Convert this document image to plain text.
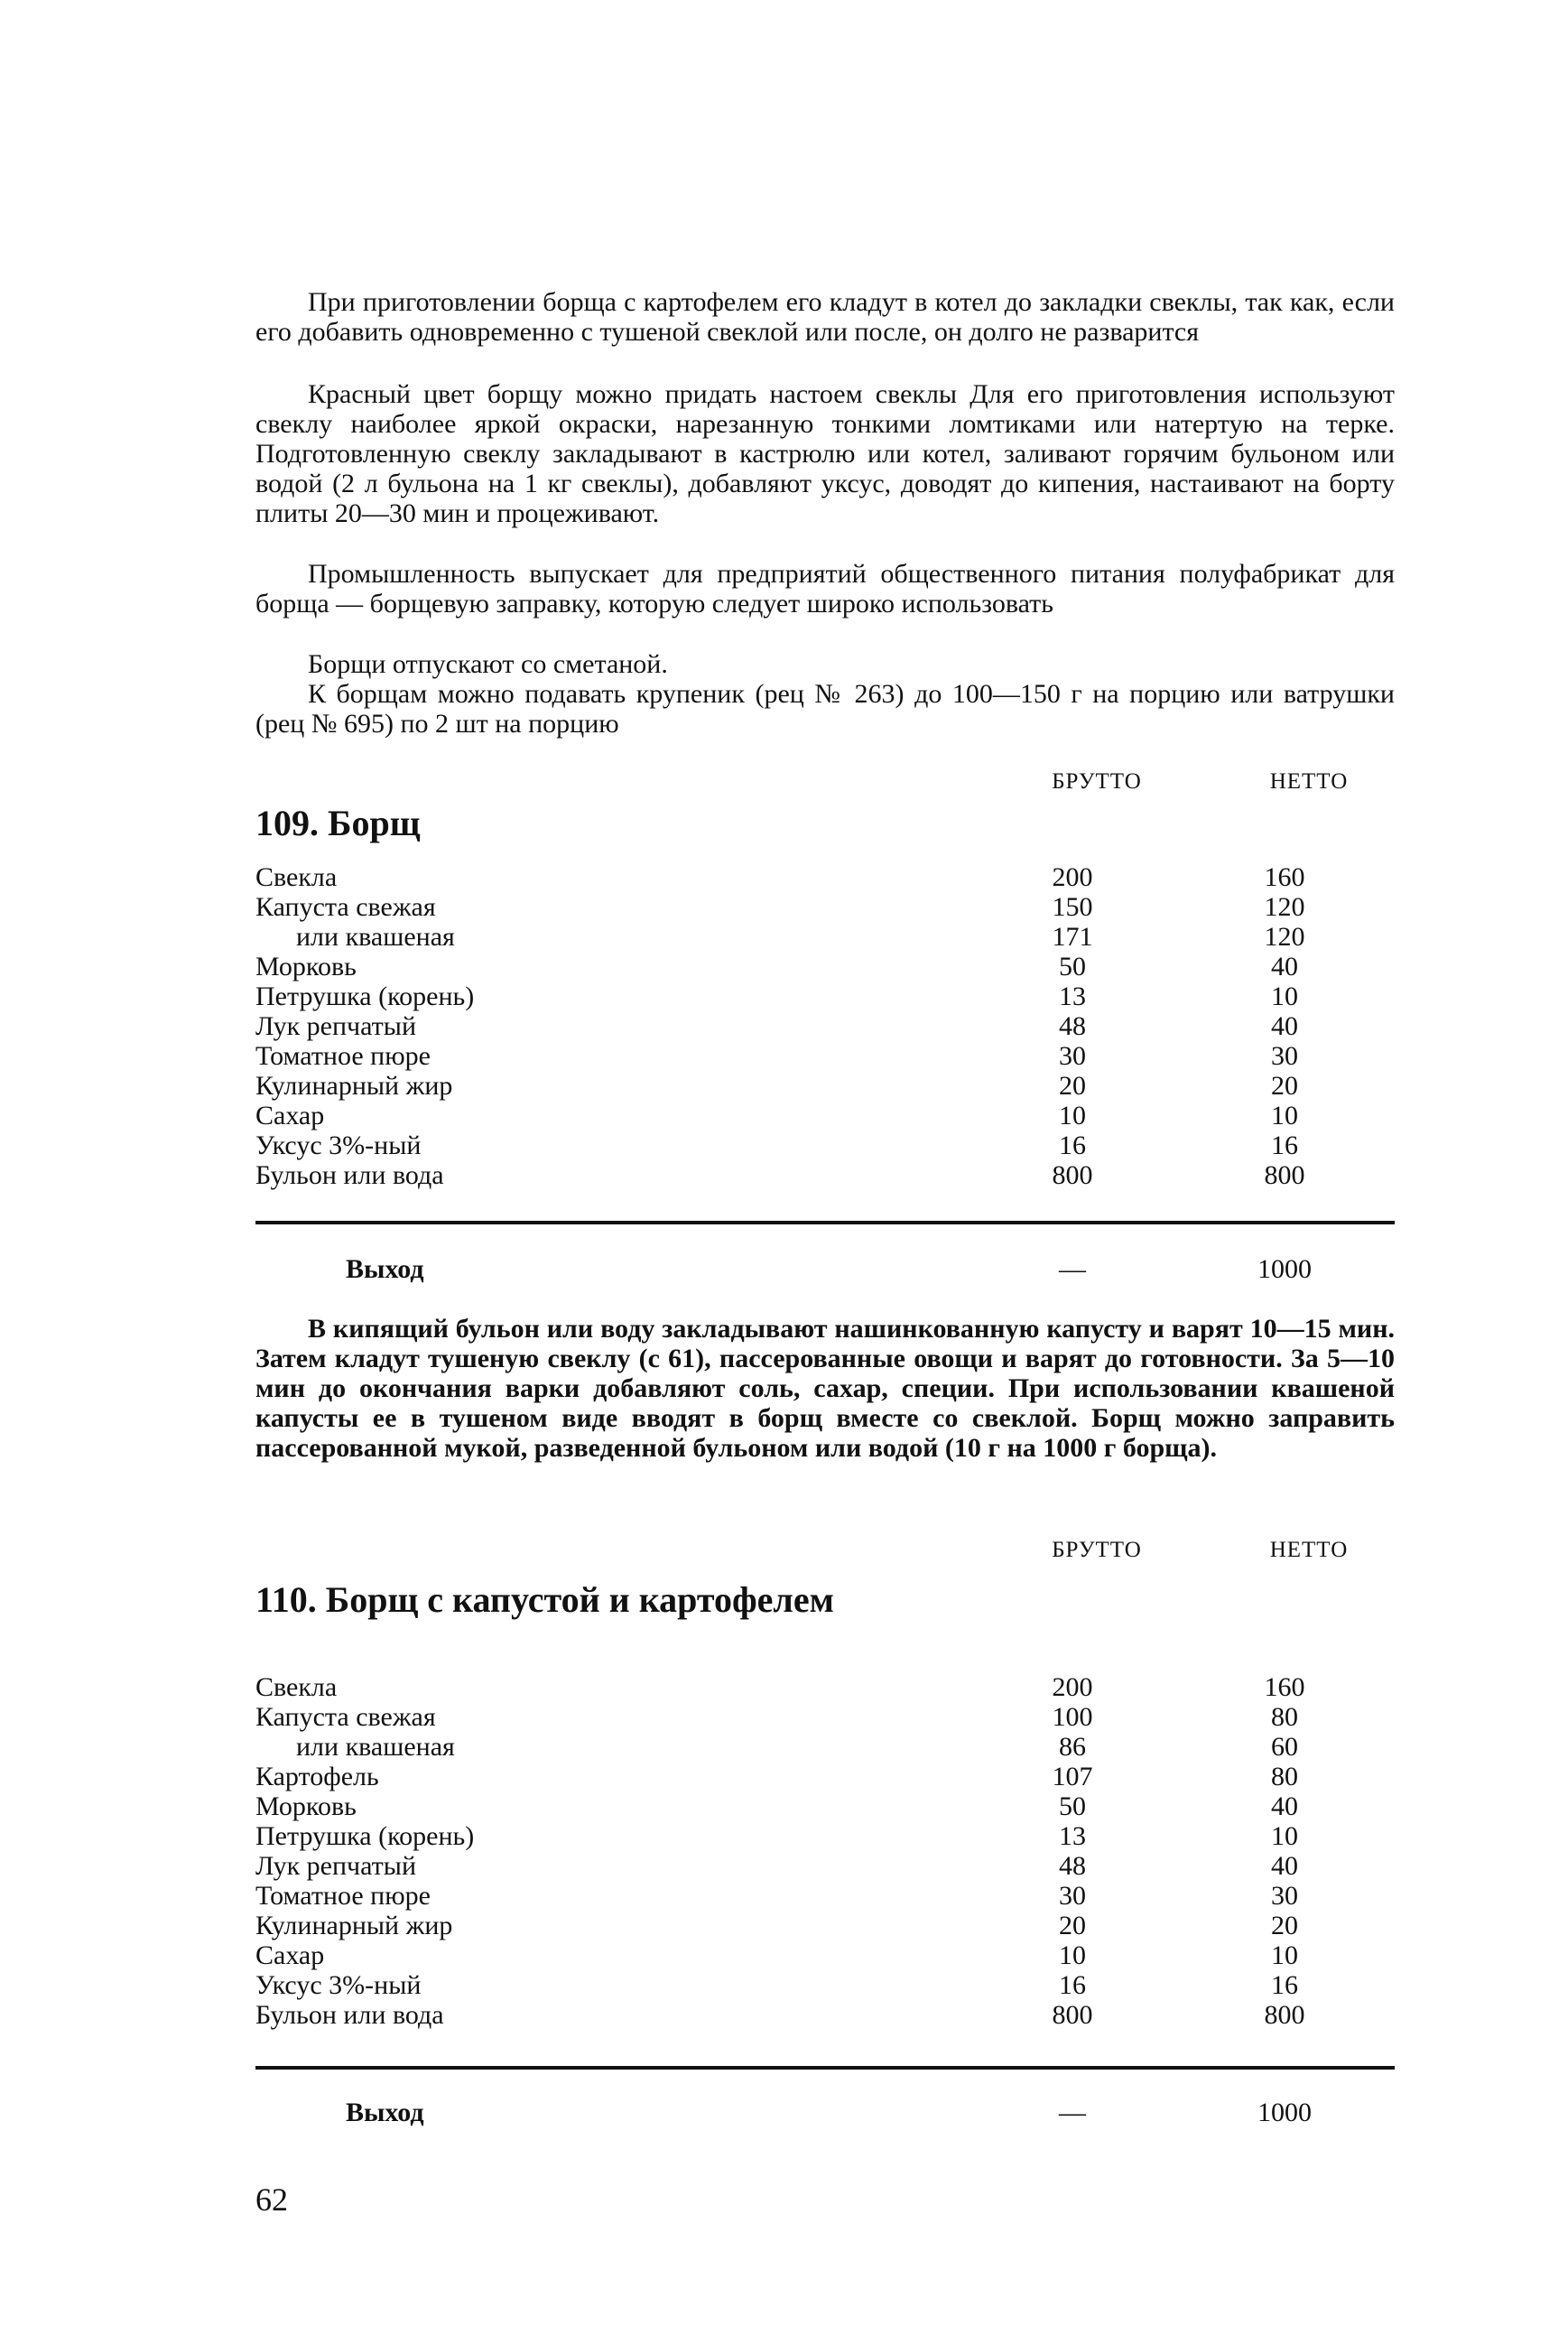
При приготовлении борща с картофелем его кладут в котел до закладки свеклы, так как, если его добавить одновременно с тушеной свеклой или после, он долго не разварится

Красный цвет борщу можно придать настоем свеклы Для его приготовления используют свеклу наиболее яркой окраски, нарезанную тонкими ломтиками или натертую на терке. Подготовленную свеклу закладывают в кастрюлю или котел, заливают горячим бульоном или водой (2 л бульона на 1 кг свеклы), добавляют уксус, доводят до кипения, настаивают на борту плиты 20—30 мин и процеживают.

Промышленность выпускает для предприятий общественного питания полуфабрикат для борща — борщевую заправку, которую следует широко использовать

Борщи отпускают со сметаной.

К борщам можно подавать крупеник (рец № 263) до 100—150 г на порцию или ватрушки (рец № 695) по 2 шт на порцию

БРУТТО	НЕТТО
109. Борщ
Свекла	200	160
Капуста свежая	150	120
или квашеная	171	120
Морковь	50	40
Петрушка (корень)	13	10
Лук репчатый	48	40
Томатное пюре	30	30
Кулинарный жир	20	20
Сахар	10	10
Уксус 3%-ный	16	16
Бульон или вода	800	800
Выход	—	1000

В кипящий бульон или воду закладывают нашинкованную капусту и варят 10—15 мин. Затем кладут тушеную свеклу (с 61), пассерованные овощи и варят до готовности. За 5—10 мин до окончания варки добавляют соль, сахар, специи. При использовании квашеной капусты ее в тушеном виде вводят в борщ вместе со свеклой. Борщ можно заправить пассерованной мукой, разведенной бульоном или водой (10 г на 1000 г борща).

БРУТТО	НЕТТО
110. Борщ с капустой и картофелем
Свекла	200	160
Капуста свежая	100	80
или квашеная	86	60
Картофель	107	80
Морковь	50	40
Петрушка (корень)	13	10
Лук репчатый	48	40
Томатное пюре	30	30
Кулинарный жир	20	20
Сахар	10	10
Уксус 3%-ный	16	16
Бульон или вода	800	800
Выход	—	1000
62
